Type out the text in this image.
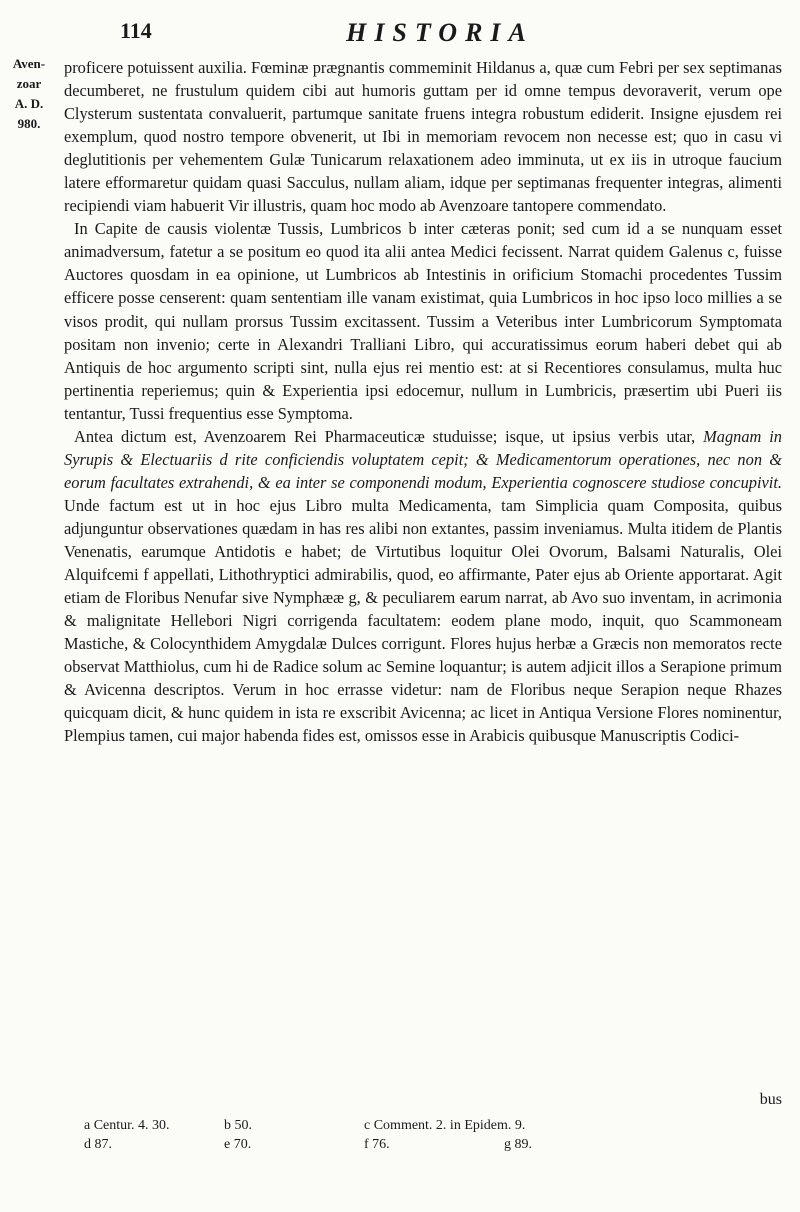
114	HISTORIA
Aven-
zoar
A. D.
980.

proficere potuissent auxilia. Fœminæ prægnantis commeminit Hildanus a, quæ cum Febri per sex septimanas decumberet, ne frustulum quidem cibi aut humoris guttam per id omne tempus devoraverit, verum ope Clysterum sustentata convaluerit, partumque sanitate fruens integra robustum ediderit. Insigne ejusdem rei exemplum, quod nostro tempore obvenerit, ut Ibi in memoriam revocem non necesse est; quo in casu vi deglutitionis per vehementem Gulæ Tunicarum relaxationem adeo imminuta, ut ex iis in utroque faucium latere efformaretur quidam quasi Sacculus, nullam aliam, idque per septimanas frequenter integras, alimenti recipiendi viam habuerit Vir illustris, quam hoc modo ab Avenzoare tantopere commendato.

In Capite de causis violentæ Tussis, Lumbricos b inter cæteras ponit; sed cum id a se nunquam esset animadversum, fatetur a se positum eo quod ita alii antea Medici fecissent. Narrat quidem Galenus c, fuisse Auctores quosdam in ea opinione, ut Lumbricos ab Intestinis in orificium Stomachi procedentes Tussim efficere posse censerent: quam sententiam ille vanam existimat, quia Lumbricos in hoc ipso loco millies a se visos prodit, qui nullam prorsus Tussim excitassent. Tussim a Veteribus inter Lumbricorum Symptomata positam non invenio; certe in Alexandri Tralliani Libro, qui accuratissimus eorum haberi debet qui ab Antiquis de hoc argumento scripti sint, nulla ejus rei mentio est: at si Recentiores consulamus, multa huc pertinentia reperiemus; quin & Experientia ipsi edocemur, nullum in Lumbricis, præsertim ubi Pueri iis tentantur, Tussi frequentius esse Symptoma.

Antea dictum est, Avenzoarem Rei Pharmaceuticæ studuisse; isque, ut ipsius verbis utar, Magnam in Syrupis & Electuariis d rite conficiendis voluptatem cepit; & Medicamentorum operationes, nec non & eorum facultates extrahendi, & ea inter se componendi modum, Experientia cognoscere studiose concupivit. Unde factum est ut in hoc ejus Libro multa Medicamenta, tam Simplicia quam Composita, quibus adjunguntur observationes quædam in has res alibi non extantes, passim inveniamus. Multa itidem de Plantis Venenatis, earumque Antidotis e habet; de Virtutibus loquitur Olei Ovorum, Balsami Naturalis, Olei Alquifcemi f appellati, Lithothryptici admirabilis, quod, eo affirmante, Pater ejus ab Oriente apportarat. Agit etiam de Floribus Nenufar sive Nymphææ g, & peculiarem earum narrat, ab Avo suo inventam, in acrimonia & malignitate Hellebori Nigri corrigenda facultatem: eodem plane modo, inquit, quo Scammoneam Mastiche, & Colocynthidem Amygdalæ Dulces corrigunt. Flores hujus herbæ a Græcis non memoratos recte observat Matthiolus, cum hi de Radice solum ac Semine loquantur; is autem adjicit illos a Serapione primum & Avicenna descriptos. Verum in hoc errasse videtur: nam de Floribus neque Serapion neque Rhazes quicquam dicit, & hunc quidem in ista re exscribit Avicenna; ac licet in Antiqua Versione Flores nominentur, Plempius tamen, cui major habenda fides est, omissos esse in Arabicis quibusque Manuscriptis Codici-

bus
a Centur. 4. 30.	b 50.	c Comment. 2. in Epidem. 9.
d 87.	e 70.	f 76.	g 89.
